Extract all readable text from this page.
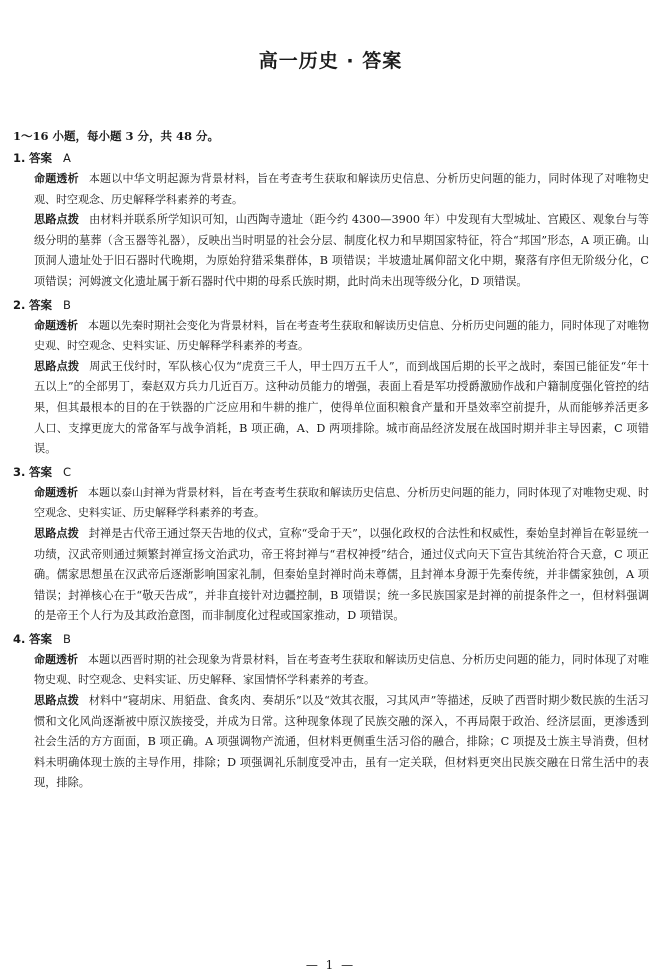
高一历史 · 答案
1～16 小题，每小题 3 分，共 48 分。
1. 答案 A

命题透析 本题以中华文明起源为背景材料，旨在考查考生获取和解读历史信息、分析历史问题的能力，同时体现了对唯物史观、时空观念、历史解释学科素养的考查。

思路点拨 由材料并联系所学知识可知，山西陶寺遗址（距今约 4300—3900 年）中发现有大型城址、宫殿区、观象台与等级分明的墓葬（含玉器等礼器），反映出当时明显的社会分层、制度化权力和早期国家特征，符合“邦国”形态，A 项正确。山顶洞人遗址处于旧石器时代晚期，为原始狩猎采集群体，B 项错误；半坡遗址属仰韶文化中期，聚落有序但无阶级分化，C 项错误；河姆渡文化遗址属于新石器时代中期的母系氏族时期，此时尚未出现等级分化，D 项错误。

2. 答案 B

命题透析 本题以先秦时期社会变化为背景材料，旨在考查考生获取和解读历史信息、分析历史问题的能力，同时体现了对唯物史观、时空观念、史料实证、历史解释学科素养的考查。

思路点拨 周武王伐纣时，军队核心仅为“虎贲三千人，甲士四万五千人”，而到战国后期的长平之战时，秦国已能征发“年十五以上”的全部男丁，秦赵双方兵力几近百万。这种动员能力的增强，表面上看是军功授爵激励作战和户籍制度强化管控的结果，但其最根本的目的在于铁器的广泛应用和牛耕的推广，使得单位面积粮食产量和开垦效率空前提升，从而能够养活更多人口、支撑更庞大的常备军与战争消耗，B 项正确，A、D 两项排除。城市商品经济发展在战国时期并非主导因素，C 项错误。

3. 答案 C

命题透析 本题以泰山封禅为背景材料，旨在考查考生获取和解读历史信息、分析历史问题的能力，同时体现了对唯物史观、时空观念、史料实证、历史解释学科素养的考查。

思路点拨 封禅是古代帝王通过祭天告地的仪式，宣称“受命于天”，以强化政权的合法性和权威性，秦始皇封禅旨在彰显统一功绩，汉武帝则通过频繁封禅宣扬文治武功，帝王将封禅与“君权神授”结合，通过仪式向天下宣告其统治符合天意，C 项正确。儒家思想虽在汉武帝后逐渐影响国家礼制，但秦始皇封禅时尚未尊儒，且封禅本身源于先秦传统，并非儒家独创，A 项错误；封禅核心在于“敬天告成”，并非直接针对边疆控制，B 项错误；统一多民族国家是封禅的前提条件之一，但材料强调的是帝王个人行为及其政治意图，而非制度化过程或国家推动，D 项错误。

4. 答案 B

命题透析 本题以西晋时期的社会现象为背景材料，旨在考查考生获取和解读历史信息、分析历史问题的能力，同时体现了对唯物史观、时空观念、史料实证、历史解释、家国情怀学科素养的考查。

思路点拨 材料中“寝胡床、用貊盘、食炙肉、奏胡乐”以及“效其衣服，习其风声”等描述，反映了西晋时期少数民族的生活习惯和文化风尚逐渐被中原汉族接受，并成为日常。这种现象体现了民族交融的深入，不再局限于政治、经济层面，更渗透到社会生活的方方面面，B 项正确。A 项强调物产流通，但材料更侧重生活习俗的融合，排除；C 项提及士族主导消费，但材料未明确体现士族的主导作用，排除；D 项强调礼乐制度受冲击，虽有一定关联，但材料更突出民族交融在日常生活中的表现，排除。

— 1 —
